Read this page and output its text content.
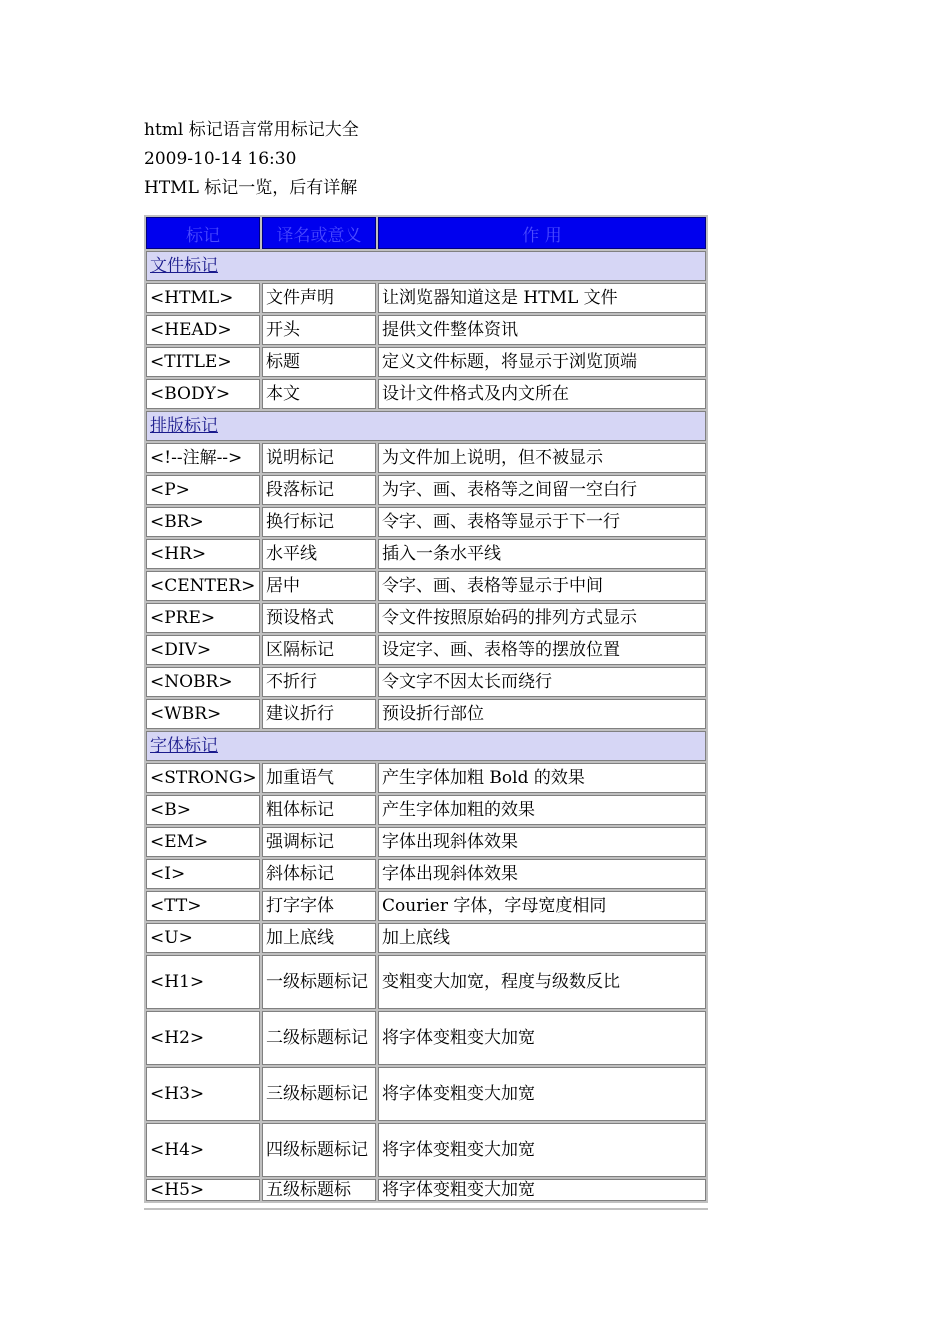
html 标记语言常用标记大全
2009-10-14 16:30
HTML 标记一览，后有详解
标记	译名或意义	作 用
文件标记		
<HTML>	文件声明	让浏览器知道这是 HTML 文件
<HEAD>	开头	提供文件整体资讯
<TITLE>	标题	定义文件标题，将显示于浏览顶端
<BODY>	本文	设计文件格式及内文所在
排版标记		
<!--注解-->	说明标记	为文件加上说明，但不被显示
<P>	段落标记	为字、画、表格等之间留一空白行
<BR>	换行标记	令字、画、表格等显示于下一行
<HR>	水平线	插入一条水平线
<CENTER>	居中	令字、画、表格等显示于中间
<PRE>	预设格式	令文件按照原始码的排列方式显示
<DIV>	区隔标记	设定字、画、表格等的摆放位置
<NOBR>	不折行	令文字不因太长而绕行
<WBR>	建议折行	预设折行部位
字体标记		
<STRONG>	加重语气	产生字体加粗 Bold 的效果
<B>	粗体标记	产生字体加粗的效果
<EM>	强调标记	字体出现斜体效果
<I>	斜体标记	字体出现斜体效果
<TT>	打字字体	Courier 字体，字母宽度相同
<U>	加上底线	加上底线
<H1>	一级标题标记	变粗变大加宽，程度与级数反比
<H2>	二级标题标记	将字体变粗变大加宽
<H3>	三级标题标记	将字体变粗变大加宽
<H4>	四级标题标记	将字体变粗变大加宽
<H5>	五级标题标	将字体变粗变大加宽
